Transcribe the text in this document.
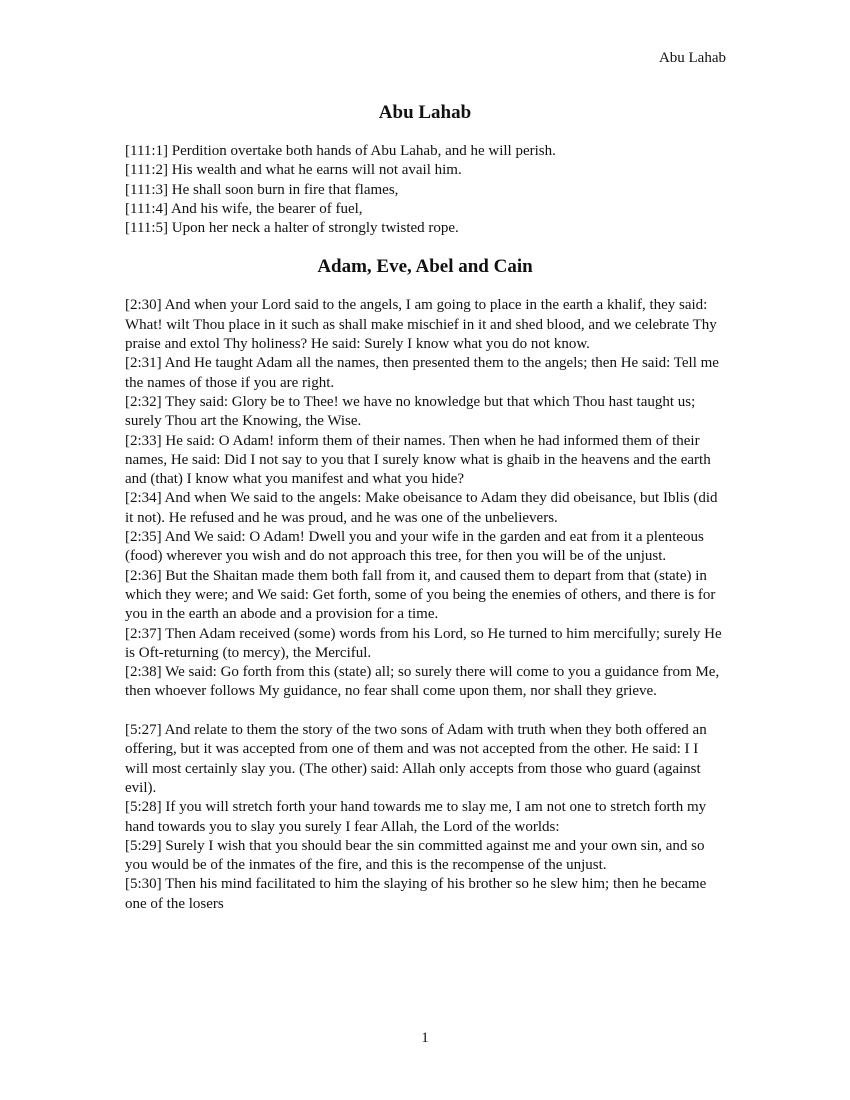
Abu Lahab
Abu Lahab

[111:1] Perdition overtake both hands of Abu Lahab, and he will perish.

[111:2] His wealth and what he earns will not avail him.

[111:3] He shall soon burn in fire that flames,

[111:4] And his wife, the bearer of fuel,

[111:5] Upon her neck a halter of strongly twisted rope.

Adam, Eve, Abel and Cain

[2:30] And when your Lord said to the angels, I am going to place in the earth a khalif, they said: What! wilt Thou place in it such as shall make mischief in it and shed blood, and we celebrate Thy praise and extol Thy holiness? He said: Surely I know what you do not know.

[2:31] And He taught Adam all the names, then presented them to the angels; then He said: Tell me the names of those if you are right.

[2:32] They said: Glory be to Thee! we have no knowledge but that which Thou hast taught us; surely Thou art the Knowing, the Wise.

[2:33] He said: O Adam! inform them of their names. Then when he had informed them of their names, He said: Did I not say to you that I surely know what is ghaib in the heavens and the earth and (that) I know what you manifest and what you hide?

[2:34] And when We said to the angels: Make obeisance to Adam they did obeisance, but Iblis (did it not). He refused and he was proud, and he was one of the unbelievers.

[2:35] And We said: O Adam! Dwell you and your wife in the garden and eat from it a plenteous (food) wherever you wish and do not approach this tree, for then you will be of the unjust.

[2:36] But the Shaitan made them both fall from it, and caused them to depart from that (state) in which they were; and We said: Get forth, some of you being the enemies of others, and there is for you in the earth an abode and a provision for a time.

[2:37] Then Adam received (some) words from his Lord, so He turned to him mercifully; surely He is Oft-returning (to mercy), the Merciful.

[2:38] We said: Go forth from this (state) all; so surely there will come to you a guidance from Me, then whoever follows My guidance, no fear shall come upon them, nor shall they grieve.

[5:27] And relate to them the story of the two sons of Adam with truth when they both offered an offering, but it was accepted from one of them and was not accepted from the other. He said: I I will most certainly slay you. (The other) said: Allah only accepts from those who guard (against evil).

[5:28] If you will stretch forth your hand towards me to slay me, I am not one to stretch forth my hand towards you to slay you surely I fear Allah, the Lord of the worlds:

[5:29] Surely I wish that you should bear the sin committed against me and your own sin, and so you would be of the inmates of the fire, and this is the recompense of the unjust.

[5:30] Then his mind facilitated to him the slaying of his brother so he slew him; then he became one of the losers

1
